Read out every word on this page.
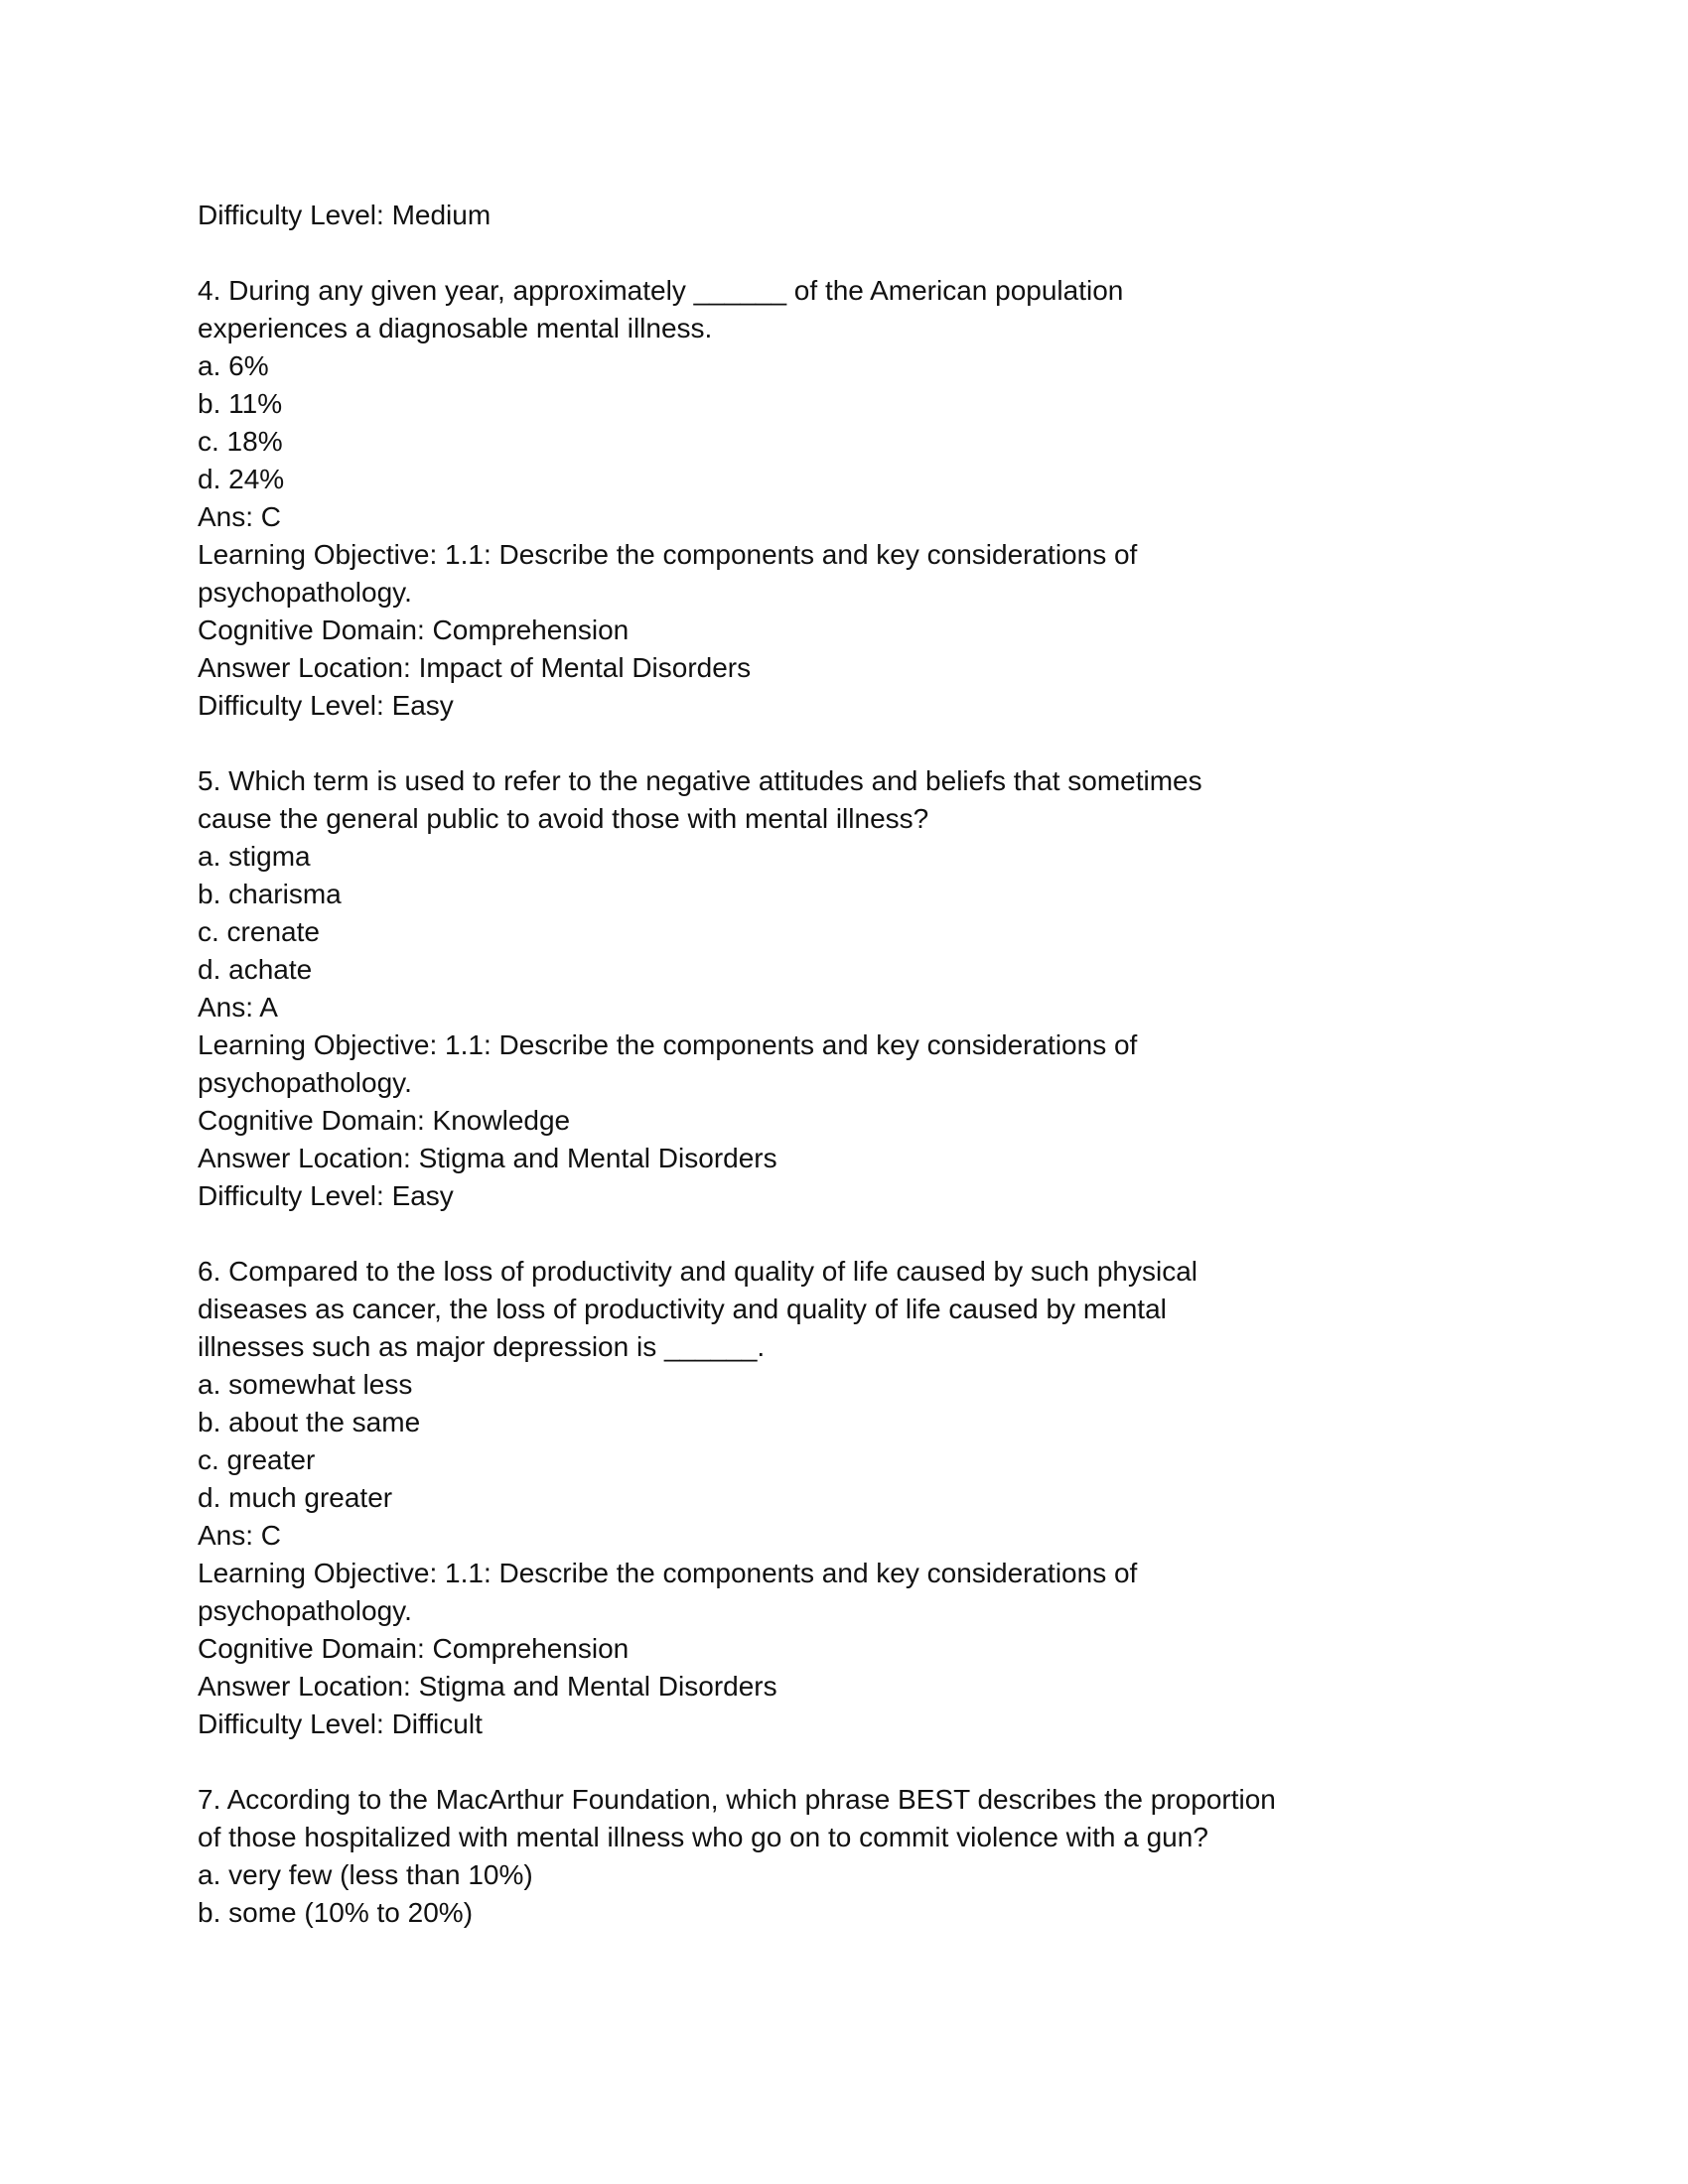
Difficulty Level: Medium
4. During any given year, approximately ______ of the American population
experiences a diagnosable mental illness.
a. 6%
b. 11%
c. 18%
d. 24%
Ans: C
Learning Objective: 1.1: Describe the components and key considerations of
psychopathology.
Cognitive Domain: Comprehension
Answer Location: Impact of Mental Disorders
Difficulty Level: Easy
5. Which term is used to refer to the negative attitudes and beliefs that sometimes
cause the general public to avoid those with mental illness?
a. stigma
b. charisma
c. crenate
d. achate
Ans: A
Learning Objective: 1.1: Describe the components and key considerations of
psychopathology.
Cognitive Domain: Knowledge
Answer Location: Stigma and Mental Disorders
Difficulty Level: Easy
6. Compared to the loss of productivity and quality of life caused by such physical
diseases as cancer, the loss of productivity and quality of life caused by mental
illnesses such as major depression is ______.
a. somewhat less
b. about the same
c. greater
d. much greater
Ans: C
Learning Objective: 1.1: Describe the components and key considerations of
psychopathology.
Cognitive Domain: Comprehension
Answer Location: Stigma and Mental Disorders
Difficulty Level: Difficult
7. According to the MacArthur Foundation, which phrase BEST describes the proportion
of those hospitalized with mental illness who go on to commit violence with a gun?
a. very few (less than 10%)
b. some (10% to 20%)
